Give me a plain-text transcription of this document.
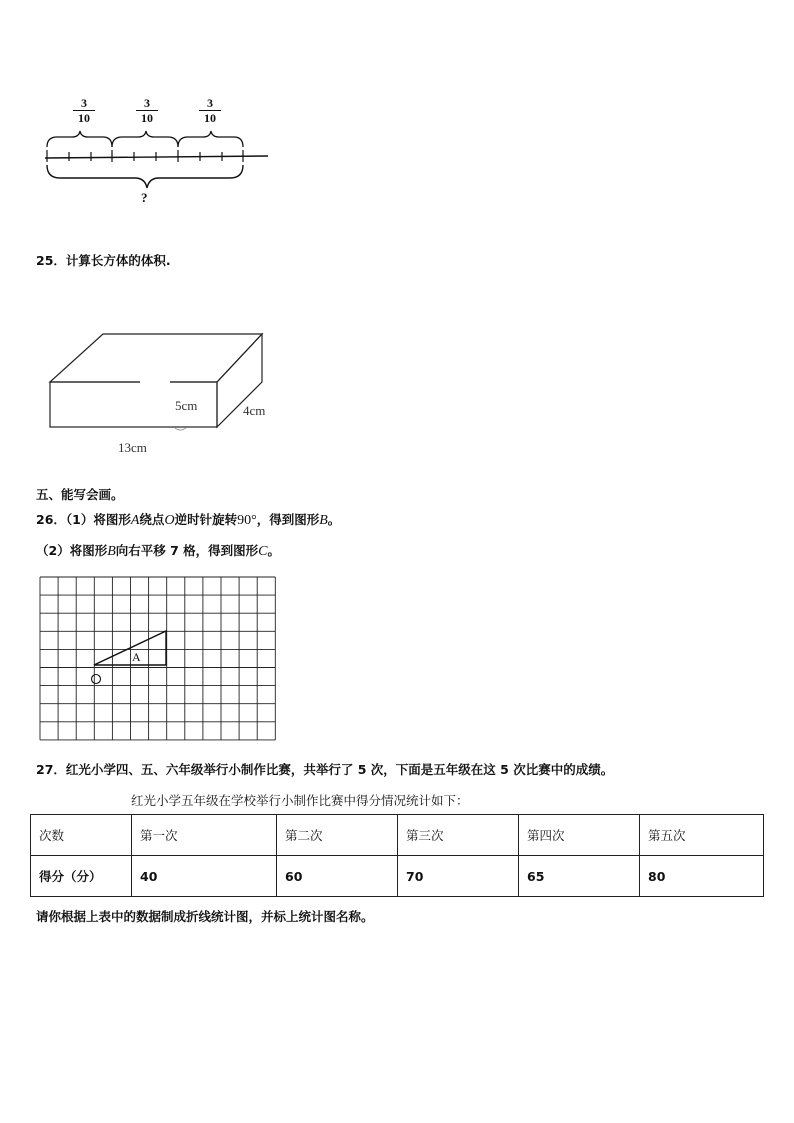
$\frac{3}{10}$	$\frac{3}{10}$	$\frac{3}{10}$
?
25．计算长方体的体积.
5cm	4cm
13cm
五、能写会画。
26．（1）将图形A绕点O逆时针旋转90°，得到图形B。
（2）将图形B向右平移 7 格，得到图形C。
A
27．红光小学四、五、六年级举行小制作比赛，共举行了 5 次，下面是五年级在这 5 次比赛中的成绩。
红光小学五年级在学校举行小制作比赛中得分情况统计如下：
次数	第一次	第二次	第三次	第四次	第五次
得分（分）	40	60	70	65	80
请你根据上表中的数据制成折线统计图，并标上统计图名称。
